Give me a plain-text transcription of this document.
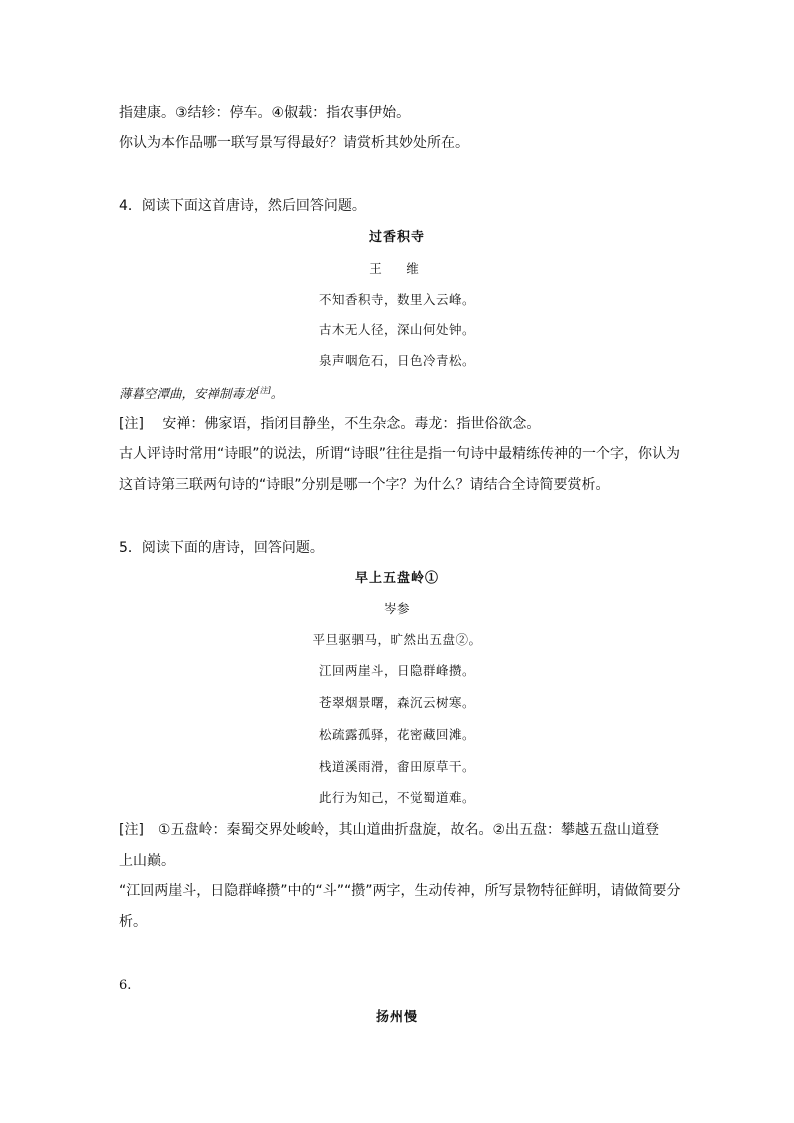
指建康。③结轸：停车。④俶载：指农事伊始。
你认为本作品哪一联写景写得最好？请赏析其妙处所在。
4．阅读下面这首唐诗，然后回答问题。
过香积寺
王　维
不知香积寺，数里入云峰。
古木无人径，深山何处钟。
泉声咽危石，日色冷青松。
薄暮空潭曲，安禅制毒龙[注]。
[注]　 安禅：佛家语，指闭目静坐，不生杂念。毒龙：指世俗欲念。
古人评诗时常用“诗眼”的说法，所谓“诗眼”往往是指一句诗中最精练传神的一个字，你认为
这首诗第三联两句诗的“诗眼”分别是哪一个字？为什么？请结合全诗简要赏析。
5．阅读下面的唐诗，回答问题。
早上五盘岭①
岑参
平旦驱驷马，旷然出五盘②。
江回两崖斗，日隐群峰攒。
苍翠烟景曙，森沉云树寒。
松疏露孤驿，花密藏回滩。
栈道溪雨滑，畬田原草干。
此行为知己，不觉蜀道难。
[注]　①五盘岭：秦蜀交界处峻岭，其山道曲折盘旋，故名。②出五盘：攀越五盘山道登
上山巅。
“江回两崖斗，日隐群峰攒”中的“斗”“攒”两字，生动传神，所写景物特征鲜明，请做简要分
析。
6.
扬州慢
